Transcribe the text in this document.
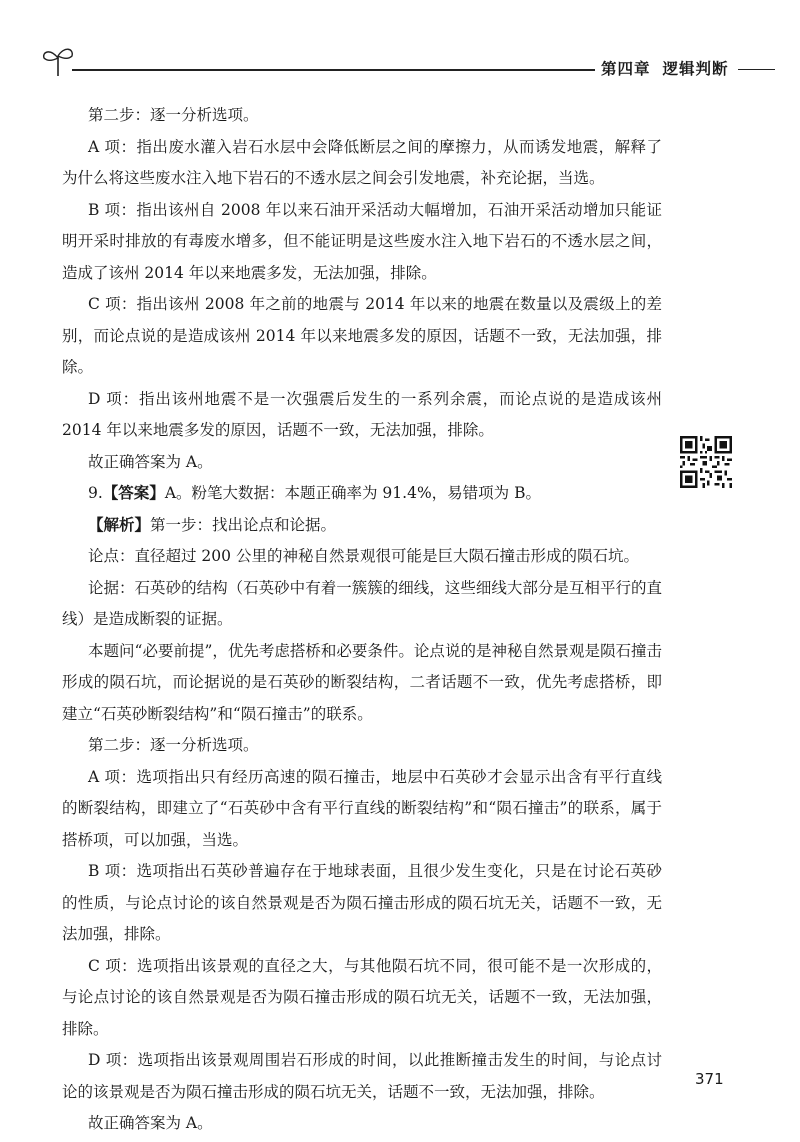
第四章 逻辑判断

第二步：逐一分析选项。

A 项：指出废水灌入岩石水层中会降低断层之间的摩擦力，从而诱发地震，解释了为什么将这些废水注入地下岩石的不透水层之间会引发地震，补充论据，当选。

B 项：指出该州自 2008 年以来石油开采活动大幅增加，石油开采活动增加只能证明开采时排放的有毒废水增多，但不能证明是这些废水注入地下岩石的不透水层之间，造成了该州 2014 年以来地震多发，无法加强，排除。

C 项：指出该州 2008 年之前的地震与 2014 年以来的地震在数量以及震级上的差别，而论点说的是造成该州 2014 年以来地震多发的原因，话题不一致，无法加强，排除。

D 项：指出该州地震不是一次强震后发生的一系列余震，而论点说的是造成该州 2014 年以来地震多发的原因，话题不一致，无法加强，排除。

故正确答案为 A。

9.【答案】A。粉笔大数据：本题正确率为 91.4%，易错项为 B。

【解析】第一步：找出论点和论据。

论点：直径超过 200 公里的神秘自然景观很可能是巨大陨石撞击形成的陨石坑。

论据：石英砂的结构（石英砂中有着一簇簇的细线，这些细线大部分是互相平行的直线）是造成断裂的证据。

本题问“必要前提”，优先考虑搭桥和必要条件。论点说的是神秘自然景观是陨石撞击形成的陨石坑，而论据说的是石英砂的断裂结构，二者话题不一致，优先考虑搭桥，即建立“石英砂断裂结构”和“陨石撞击”的联系。

第二步：逐一分析选项。

A 项：选项指出只有经历高速的陨石撞击，地层中石英砂才会显示出含有平行直线的断裂结构，即建立了“石英砂中含有平行直线的断裂结构”和“陨石撞击”的联系，属于搭桥项，可以加强，当选。

B 项：选项指出石英砂普遍存在于地球表面，且很少发生变化，只是在讨论石英砂的性质，与论点讨论的该自然景观是否为陨石撞击形成的陨石坑无关，话题不一致，无法加强，排除。

C 项：选项指出该景观的直径之大，与其他陨石坑不同，很可能不是一次形成的，与论点讨论的该自然景观是否为陨石撞击形成的陨石坑无关，话题不一致，无法加强，排除。

D 项：选项指出该景观周围岩石形成的时间，以此推断撞击发生的时间，与论点讨论的该景观是否为陨石撞击形成的陨石坑无关，话题不一致，无法加强，排除。

故正确答案为 A。

371
